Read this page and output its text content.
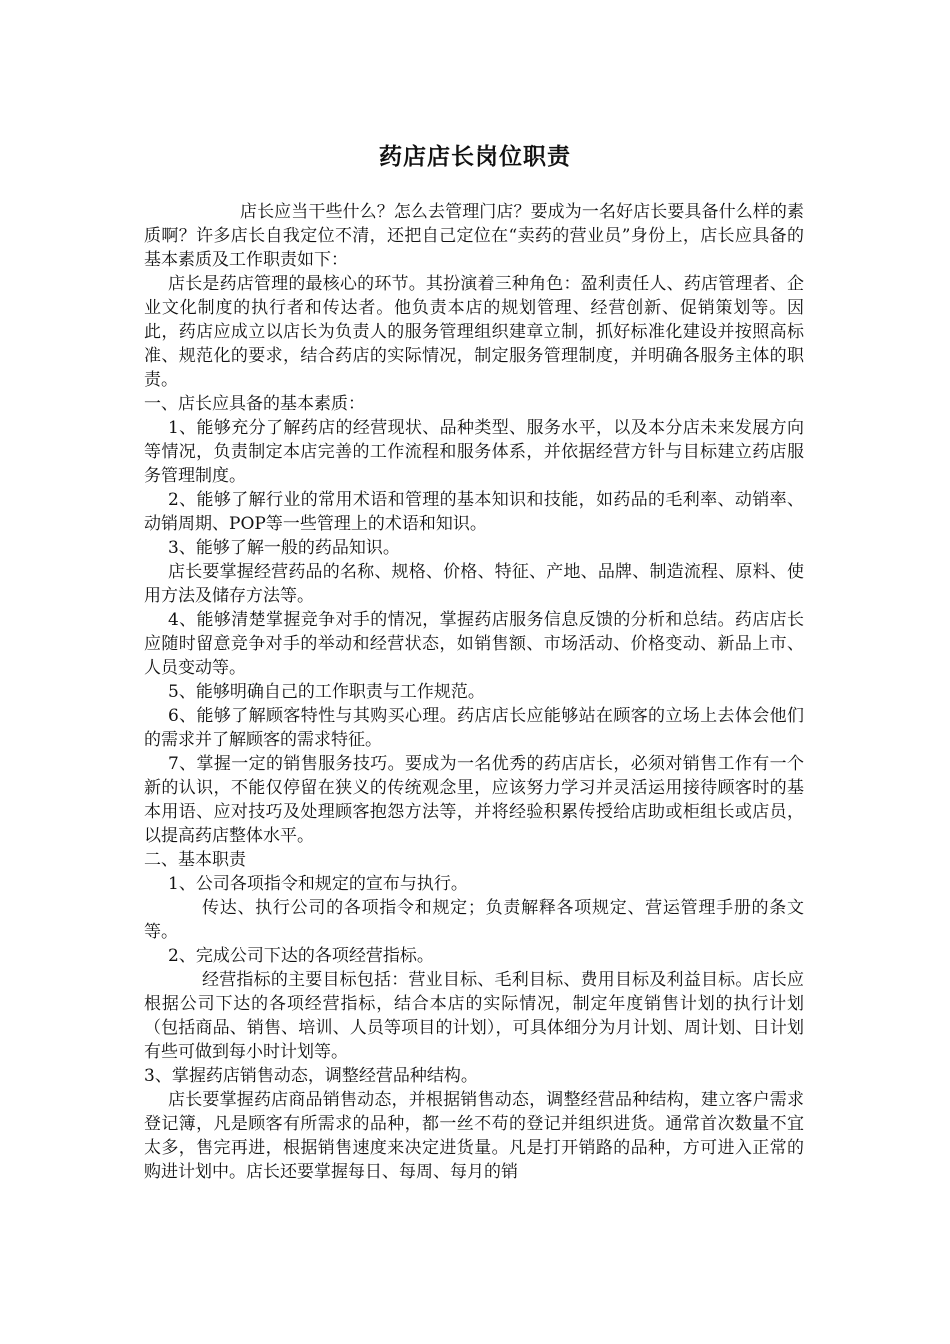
药店店长岗位职责

店长应当干些什么？怎么去管理门店？要成为一名好店长要具备什么样的素质啊？许多店长自我定位不清，还把自己定位在“卖药的营业员”身份上，店长应具备的基本素质及工作职责如下：

店长是药店管理的最核心的环节。其扮演着三种角色：盈利责任人、药店管理者、企业文化制度的执行者和传达者。他负责本店的规划管理、经营创新、促销策划等。因此，药店应成立以店长为负责人的服务管理组织建章立制，抓好标准化建设并按照高标准、规范化的要求，结合药店的实际情况，制定服务管理制度，并明确各服务主体的职责。

一、店长应具备的基本素质：

1、能够充分了解药店的经营现状、品种类型、服务水平，以及本分店未来发展方向等情况，负责制定本店完善的工作流程和服务体系，并依据经营方针与目标建立药店服务管理制度。

2、能够了解行业的常用术语和管理的基本知识和技能，如药品的毛利率、动销率、动销周期、POP等一些管理上的术语和知识。

3、能够了解一般的药品知识。

店长要掌握经营药品的名称、规格、价格、特征、产地、品牌、制造流程、原料、使用方法及储存方法等。

4、能够清楚掌握竞争对手的情况，掌握药店服务信息反馈的分析和总结。药店店长应随时留意竞争对手的举动和经营状态，如销售额、市场活动、价格变动、新品上市、人员变动等。

5、能够明确自己的工作职责与工作规范。

6、能够了解顾客特性与其购买心理。药店店长应能够站在顾客的立场上去体会他们的需求并了解顾客的需求特征。

7、掌握一定的销售服务技巧。要成为一名优秀的药店店长，必须对销售工作有一个新的认识，不能仅停留在狭义的传统观念里，应该努力学习并灵活运用接待顾客时的基本用语、应对技巧及处理顾客抱怨方法等，并将经验积累传授给店助或柜组长或店员，以提高药店整体水平。

二、基本职责

1、公司各项指令和规定的宣布与执行。

传达、执行公司的各项指令和规定；负责解释各项规定、营运管理手册的条文等。

2、完成公司下达的各项经营指标。

经营指标的主要目标包括：营业目标、毛利目标、费用目标及利益目标。店长应根据公司下达的各项经营指标，结合本店的实际情况，制定年度销售计划的执行计划（包括商品、销售、培训、人员等项目的计划），可具体细分为月计划、周计划、日计划有些可做到每小时计划等。

3、掌握药店销售动态，调整经营品种结构。

店长要掌握药店商品销售动态，并根据销售动态，调整经营品种结构，建立客户需求登记簿，凡是顾客有所需求的品种，都一丝不苟的登记并组织进货。通常首次数量不宜太多，售完再进，根据销售速度来决定进货量。凡是打开销路的品种，方可进入正常的购进计划中。店长还要掌握每日、每周、每月的销
